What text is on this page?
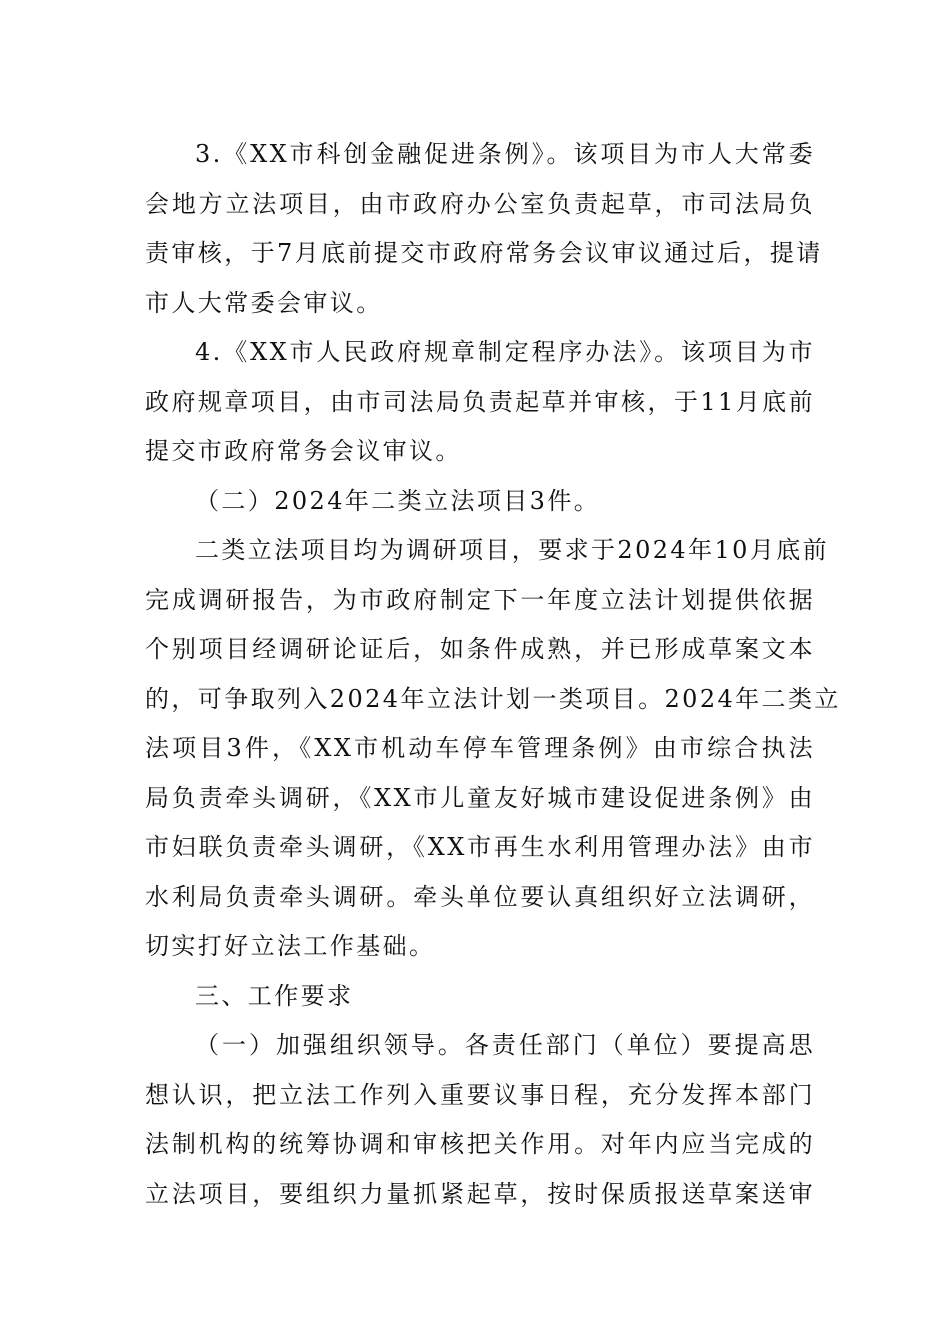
3.《XX市科创金融促进条例》。该项目为市人大常委
会地方立法项目，由市政府办公室负责起草，市司法局负
责审核，于7月底前提交市政府常务会议审议通过后，提请
市人大常委会审议。
4.《XX市人民政府规章制定程序办法》。该项目为市
政府规章项目，由市司法局负责起草并审核，于11月底前
提交市政府常务会议审议。
（二）2024年二类立法项目3件。
二类立法项目均为调研项目，要求于2024年10月底前
完成调研报告，为市政府制定下一年度立法计划提供依据
个别项目经调研论证后，如条件成熟，并已形成草案文本
的，可争取列入2024年立法计划一类项目。2024年二类立
法项目3件，《XX市机动车停车管理条例》由市综合执法
局负责牵头调研，《XX市儿童友好城市建设促进条例》由
市妇联负责牵头调研，《XX市再生水利用管理办法》由市
水利局负责牵头调研。牵头单位要认真组织好立法调研，
切实打好立法工作基础。
三、工作要求
（一）加强组织领导。各责任部门（单位）要提高思
想认识，把立法工作列入重要议事日程，充分发挥本部门
法制机构的统筹协调和审核把关作用。对年内应当完成的
立法项目，要组织力量抓紧起草，按时保质报送草案送审
